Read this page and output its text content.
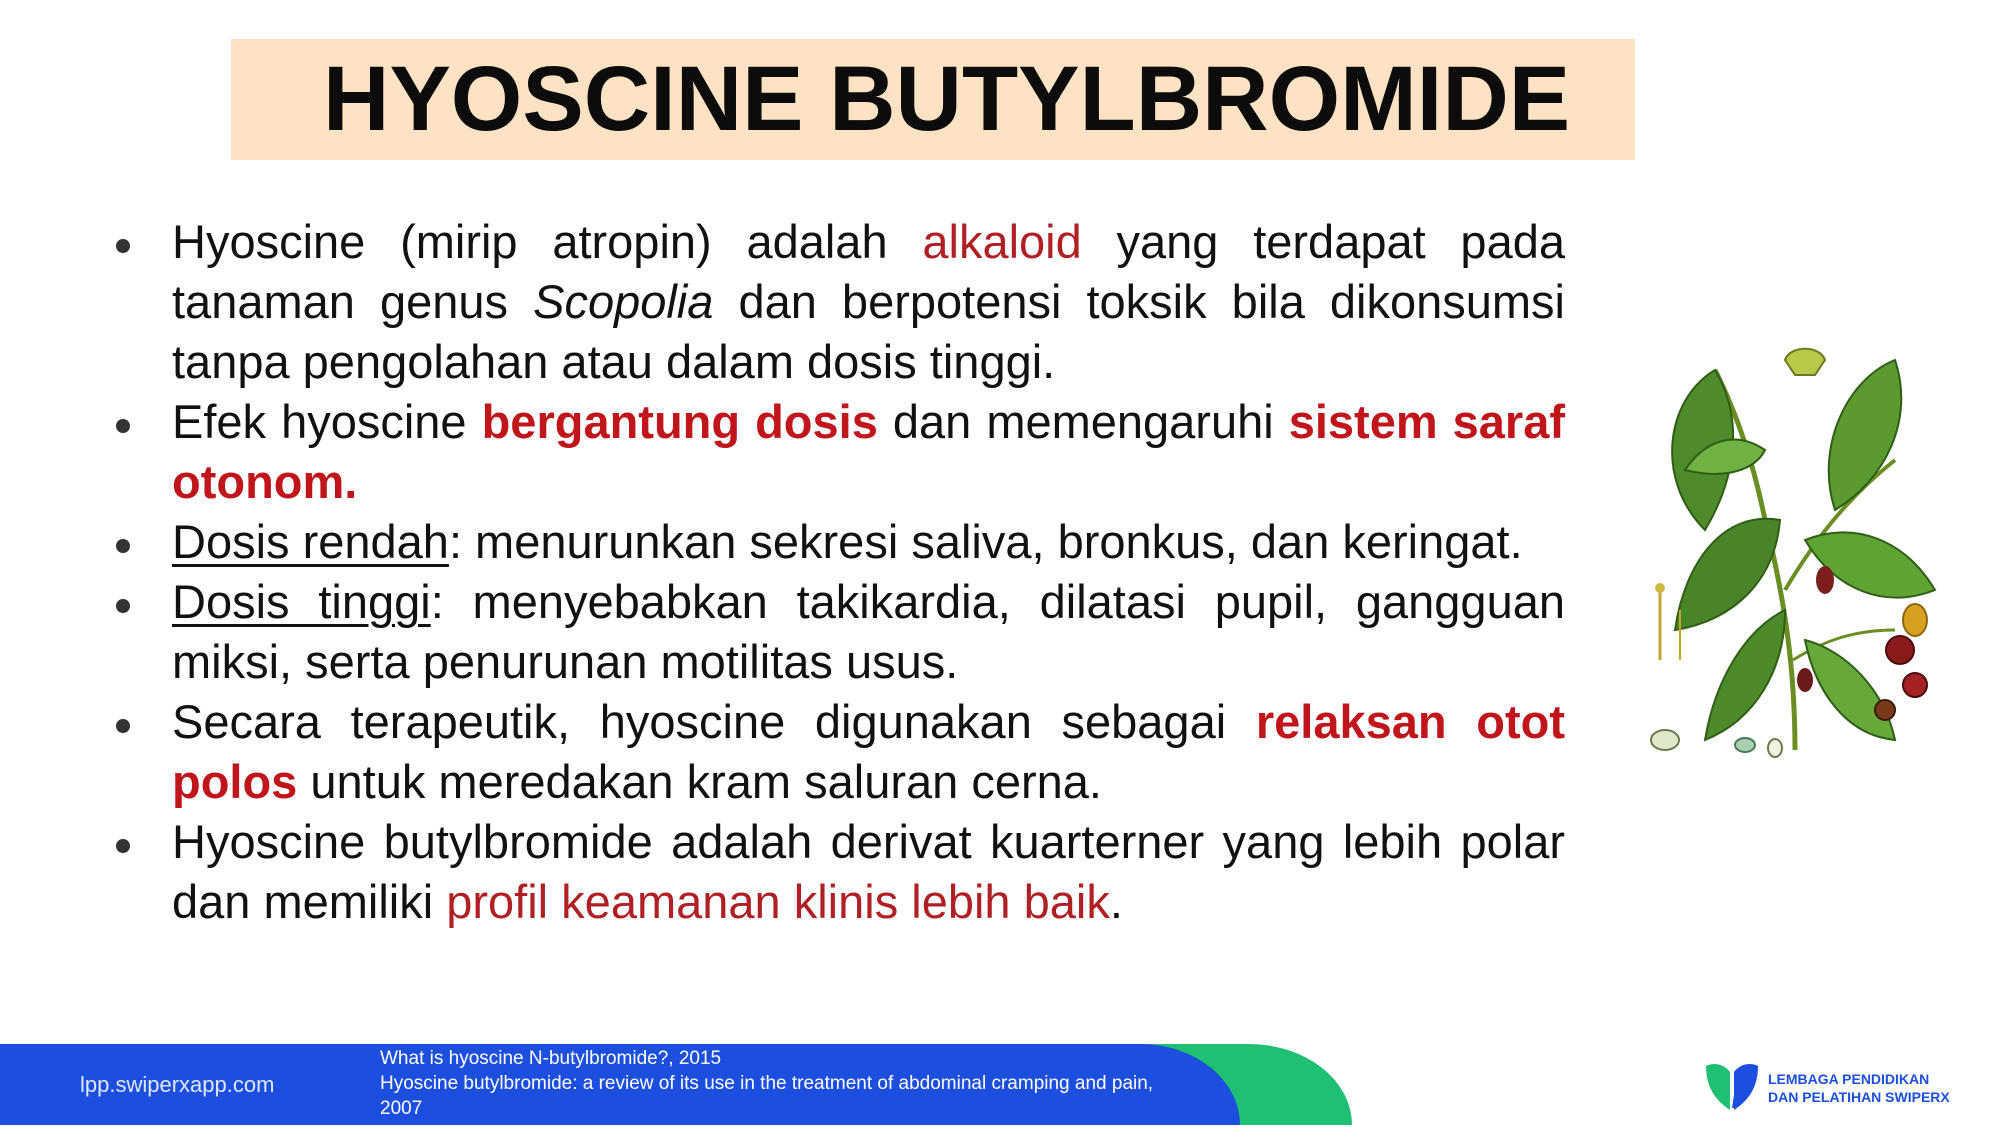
HYOSCINE BUTYLBROMIDE
Hyoscine (mirip atropin) adalah alkaloid yang terdapat pada tanaman genus Scopolia dan berpotensi toksik bila dikonsumsi tanpa pengolahan atau dalam dosis tinggi.
Efek hyoscine bergantung dosis dan memengaruhi sistem saraf otonom.
Dosis rendah: menurunkan sekresi saliva, bronkus, dan keringat.
Dosis tinggi: menyebabkan takikardia, dilatasi pupil, gangguan miksi, serta penurunan motilitas usus.
Secara terapeutik, hyoscine digunakan sebagai relaksan otot polos untuk meredakan kram saluran cerna.
Hyoscine butylbromide adalah derivat kuarterner yang lebih polar dan memiliki profil keamanan klinis lebih baik.
lpp.swiperxapp.com
What is hyoscine N-butylbromide?, 2015
Hyoscine butylbromide: a review of its use in the treatment of abdominal cramping and pain, 2007
Pharmacotherapy Update: Hyoscine Butylbromide in the Treatment of Abdominal
LEMBAGA PENDIDIKAN
DAN PELATIHAN SWIPERX
